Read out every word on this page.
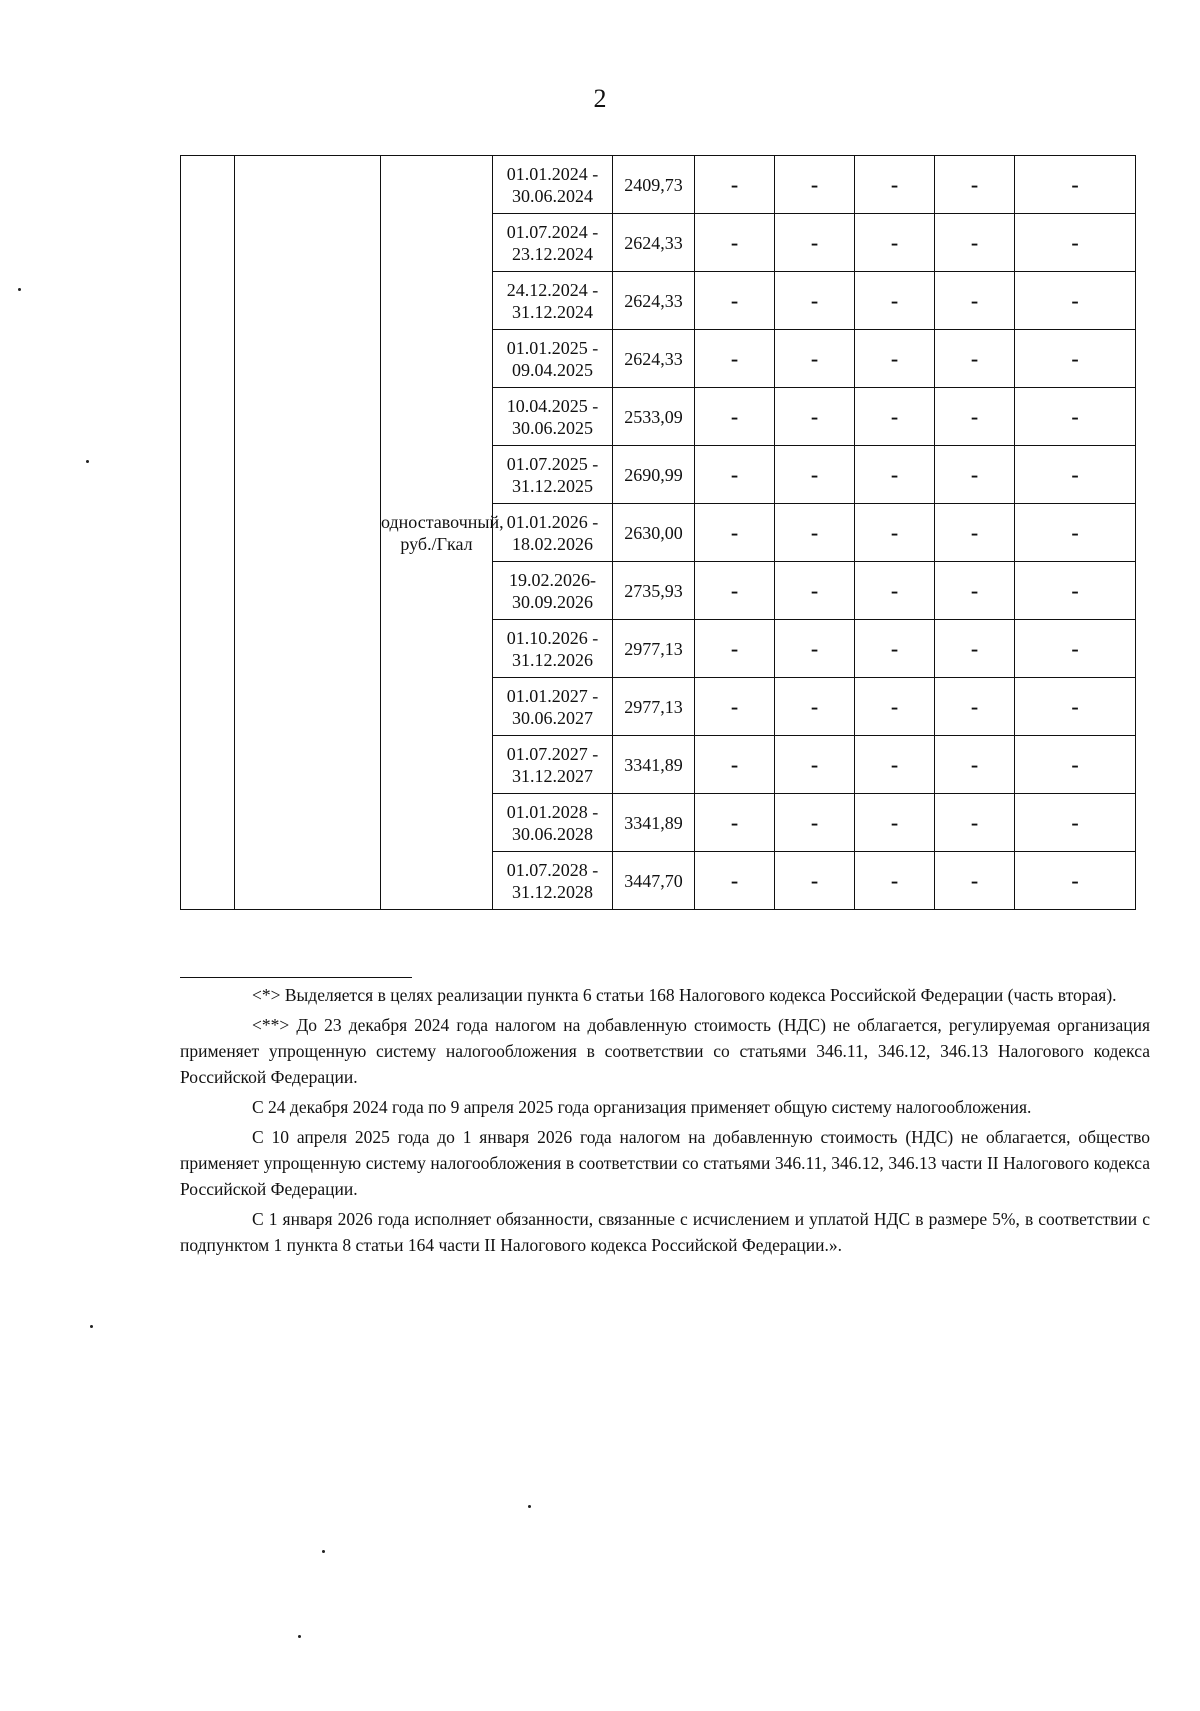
2
		одноставочный, руб./Гкал	01.01.2024 - 30.06.2024	2409,73	-	-	-	-	-
			01.07.2024 - 23.12.2024	2624,33	-	-	-	-	-
			24.12.2024 - 31.12.2024	2624,33	-	-	-	-	-
			01.01.2025 - 09.04.2025	2624,33	-	-	-	-	-
			10.04.2025 - 30.06.2025	2533,09	-	-	-	-	-
			01.07.2025 - 31.12.2025	2690,99	-	-	-	-	-
			01.01.2026 - 18.02.2026	2630,00	-	-	-	-	-
			19.02.2026- 30.09.2026	2735,93	-	-	-	-	-
			01.10.2026 - 31.12.2026	2977,13	-	-	-	-	-
			01.01.2027 - 30.06.2027	2977,13	-	-	-	-	-
			01.07.2027 - 31.12.2027	3341,89	-	-	-	-	-
			01.01.2028 - 30.06.2028	3341,89	-	-	-	-	-
			01.07.2028 - 31.12.2028	3447,70	-	-	-	-	-

<*> Выделяется в целях реализации пункта 6 статьи 168 Налогового кодекса Российской Федерации (часть вторая).

<**> До 23 декабря 2024 года налогом на добавленную стоимость (НДС) не облагается, регулируемая организация применяет упрощенную систему налогообложения в соответствии со статьями 346.11, 346.12, 346.13 Налогового кодекса Российской Федерации.

С 24 декабря 2024 года по 9 апреля 2025 года организация применяет общую систему налогообложения.

С 10 апреля 2025 года до 1 января 2026 года налогом на добавленную стоимость (НДС) не облагается, общество применяет упрощенную систему налогообложения в соответствии со статьями 346.11, 346.12, 346.13 части II Налогового кодекса Российской Федерации.

С 1 января 2026 года исполняет обязанности, связанные с исчислением и уплатой НДС в размере 5%, в соответствии с подпунктом 1 пункта 8 статьи 164 части II Налогового кодекса Российской Федерации.».
